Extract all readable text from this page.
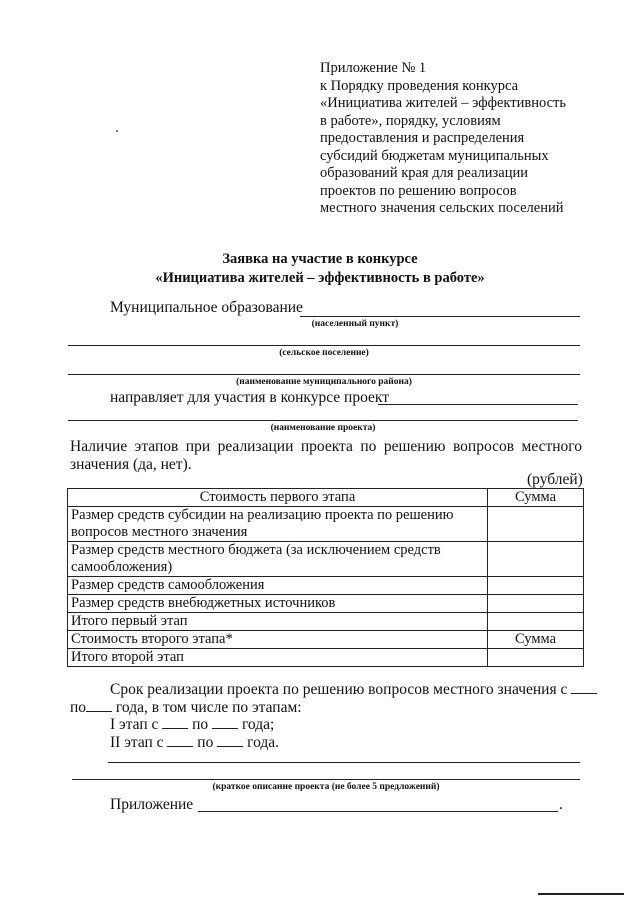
Приложение № 1
к Порядку проведения конкурса
«Инициатива жителей – эффективность
в работе», порядку, условиям
предоставления и распределения
субсидий бюджетам муниципальных
образований края для реализации
проектов по решению вопросов
местного значения сельских поселений
Заявка на участие в конкурсе
«Инициатива жителей – эффективность в работе»
Муниципальное образование
(населенный пункт)
(сельское поселение)
(наименование муниципального района)
направляет для участия в конкурсе проект
(наименование проекта)
Наличие этапов при реализации проекта по решению вопросов местного
значения (да, нет).
(рублей)
Стоимость первого этапа	Сумма
Размер средств субсидии на реализацию проекта по решению вопросов местного значения	
Размер средств местного бюджета (за исключением средств самообложения)	
Размер средств самообложения	
Размер средств внебюджетных источников	
Итого первый этап	
Стоимость второго этапа*	Сумма
Итого второй этап	
Срок реализации проекта по решению вопросов местного значения с
по года, в том числе по этапам:
I этап с по года;
II этап с по года.
(краткое описание проекта (не более 5 предложений)
Приложение	.
